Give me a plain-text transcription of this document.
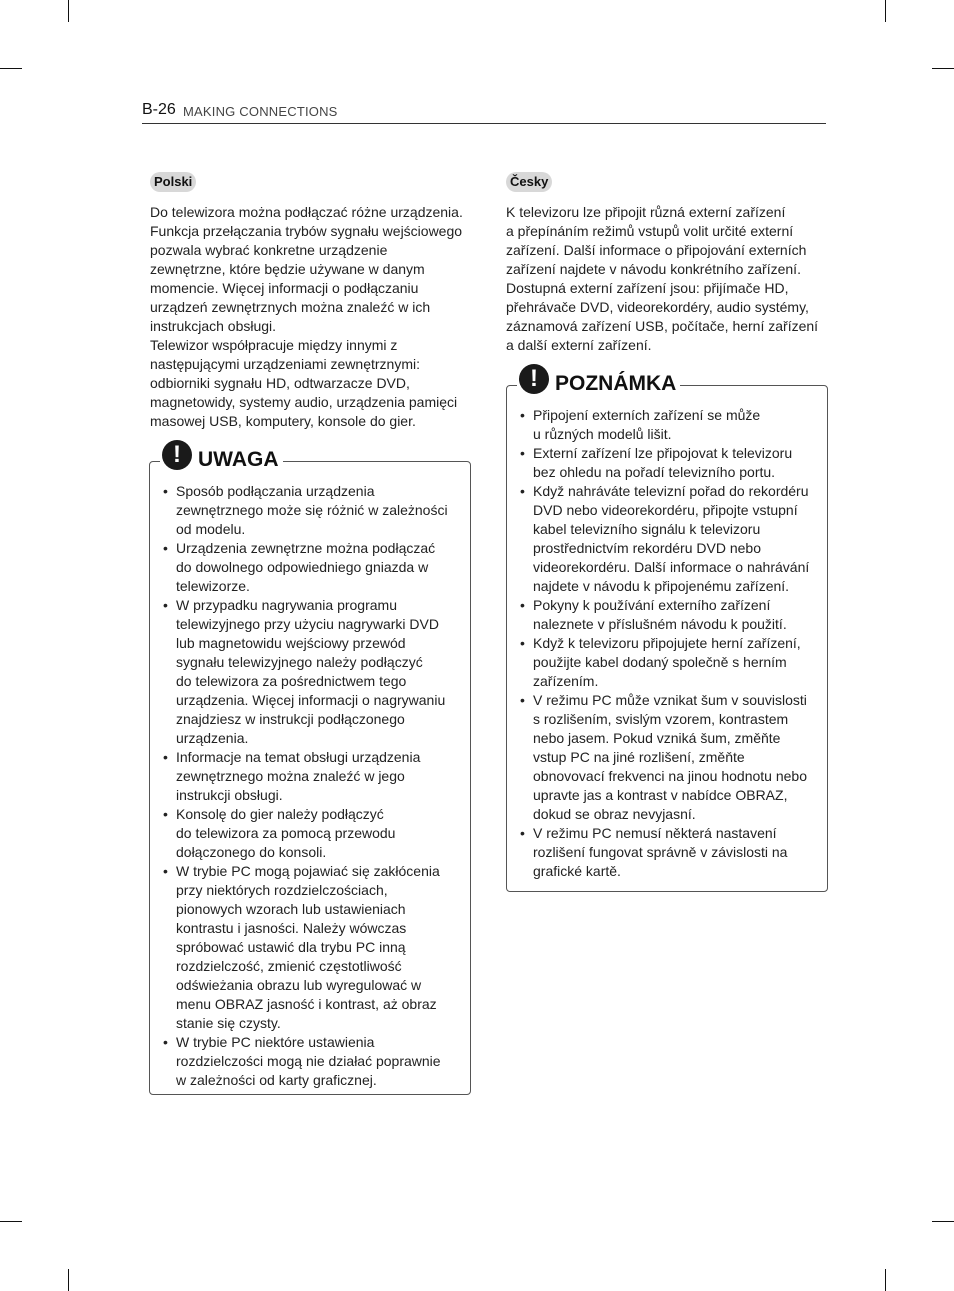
B-26 MAKING CONNECTIONS
Polski

Do telewizora można podłączać różne urządzenia.
Funkcja przełączania trybów sygnału wejściowego
pozwala wybrać konkretne urządzenie
zewnętrzne, które będzie używane w danym
momencie. Więcej informacji o podłączaniu
urządzeń zewnętrznych można znaleźć w ich
instrukcjach obsługi.
Telewizor współpracuje między innymi z
następującymi urządzeniami zewnętrznymi:
odbiorniki sygnału HD, odtwarzacze DVD,
magnetowidy, systemy audio, urządzenia pamięci
masowej USB, komputery, konsole do gier.

! UWAGA
• Sposób podłączania urządzenia
zewnętrznego może się różnić w zależności
od modelu.
• Urządzenia zewnętrzne można podłączać
do dowolnego odpowiedniego gniazda w
telewizorze.
• W przypadku nagrywania programu
telewizyjnego przy użyciu nagrywarki DVD
lub magnetowidu wejściowy przewód
sygnału telewizyjnego należy podłączyć
do telewizora za pośrednictwem tego
urządzenia. Więcej informacji o nagrywaniu
znajdziesz w instrukcji podłączonego
urządzenia.
• Informacje na temat obsługi urządzenia
zewnętrznego można znaleźć w jego
instrukcji obsługi.
• Konsolę do gier należy podłączyć
do telewizora za pomocą przewodu
dołączonego do konsoli.
• W trybie PC mogą pojawiać się zakłócenia
przy niektórych rozdzielczościach,
pionowych wzorach lub ustawieniach
kontrastu i jasności. Należy wówczas
spróbować ustawić dla trybu PC inną
rozdzielczość, zmienić częstotliwość
odświeżania obrazu lub wyregulować w
menu OBRAZ jasność i kontrast, aż obraz
stanie się czysty.
• W trybie PC niektóre ustawienia
rozdzielczości mogą nie działać poprawnie
w zależności od karty graficznej.
Česky

K televizoru lze připojit různá externí zařízení
a přepínáním režimů vstupů volit určité externí
zařízení. Další informace o připojování externích
zařízení najdete v návodu konkrétního zařízení.
Dostupná externí zařízení jsou: přijímače HD,
přehrávače DVD, videorekordéry, audio systémy,
záznamová zařízení USB, počítače, herní zařízení
a další externí zařízení.

! POZNÁMKA
• Připojení externích zařízení se může
u různých modelů lišit.
• Externí zařízení lze připojovat k televizoru
bez ohledu na pořadí televizního portu.
• Když nahráváte televizní pořad do rekordéru
DVD nebo videorekordéru, připojte vstupní
kabel televizního signálu k televizoru
prostřednictvím rekordéru DVD nebo
videorekordéru. Další informace o nahrávání
najdete v návodu k připojenému zařízení.
• Pokyny k používání externího zařízení
naleznete v příslušném návodu k použití.
• Když k televizoru připojujete herní zařízení,
použijte kabel dodaný společně s herním
zařízením.
• V režimu PC může vznikat šum v souvislosti
s rozlišením, svislým vzorem, kontrastem
nebo jasem. Pokud vzniká šum, změňte
vstup PC na jiné rozlišení, změňte
obnovovací frekvenci na jinou hodnotu nebo
upravte jas a kontrast v nabídce OBRAZ,
dokud se obraz nevyjasní.
• V režimu PC nemusí některá nastavení
rozlišení fungovat správně v závislosti na
grafické kartě.
